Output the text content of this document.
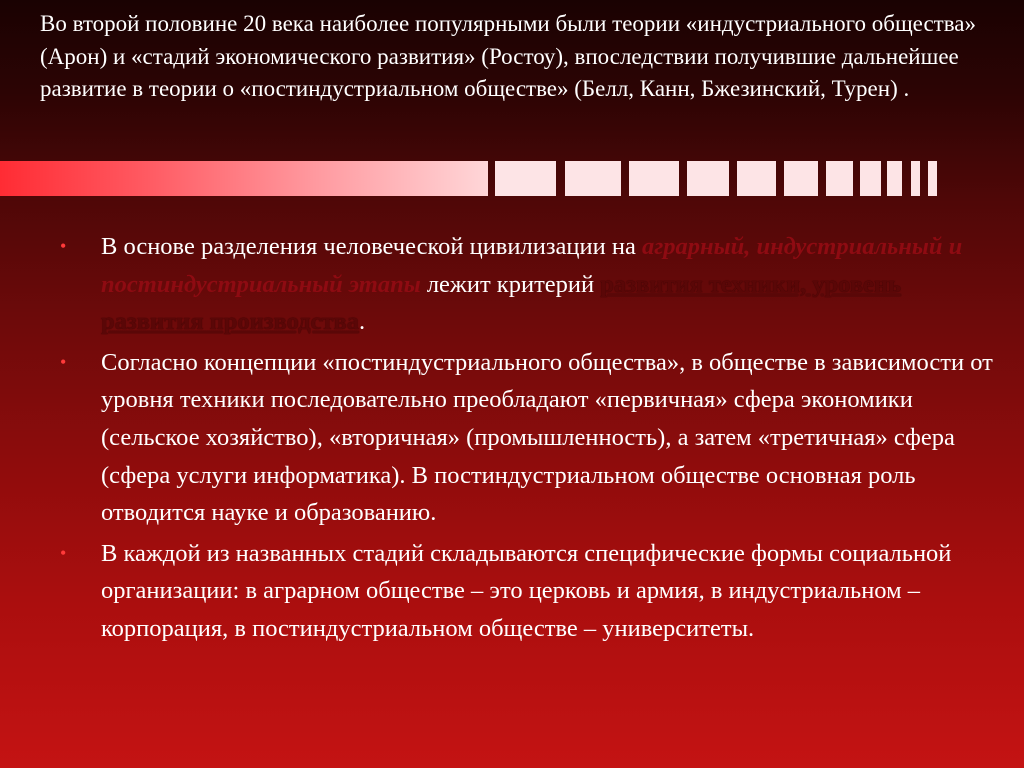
Во второй половине 20 века наиболее популярными были теории «индустриального общества» (Арон) и «стадий экономического развития» (Ростоу), впоследствии получившие дальнейшее развитие в теории о «постиндустриальном обществе» (Белл, Канн, Бжезинский, Турен) .
• В основе разделения человеческой цивилизации на аграрный, индустриальный и постиндустриальный этапы лежит критерий развития техники, уровень развития производства.
• Согласно концепции «постиндустриального общества», в обществе в зависимости от уровня техники последовательно преобладают «первичная» сфера экономики (сельское хозяйство), «вторичная» (промышленность), а затем «третичная» сфера (сфера услуги информатика). В постиндустриальном обществе основная роль отводится науке и образованию.
• В каждой из названных стадий складываются специфические формы социальной организации: в аграрном обществе – это церковь и армия, в индустриальном – корпорация, в постиндустриальном обществе – университеты.
